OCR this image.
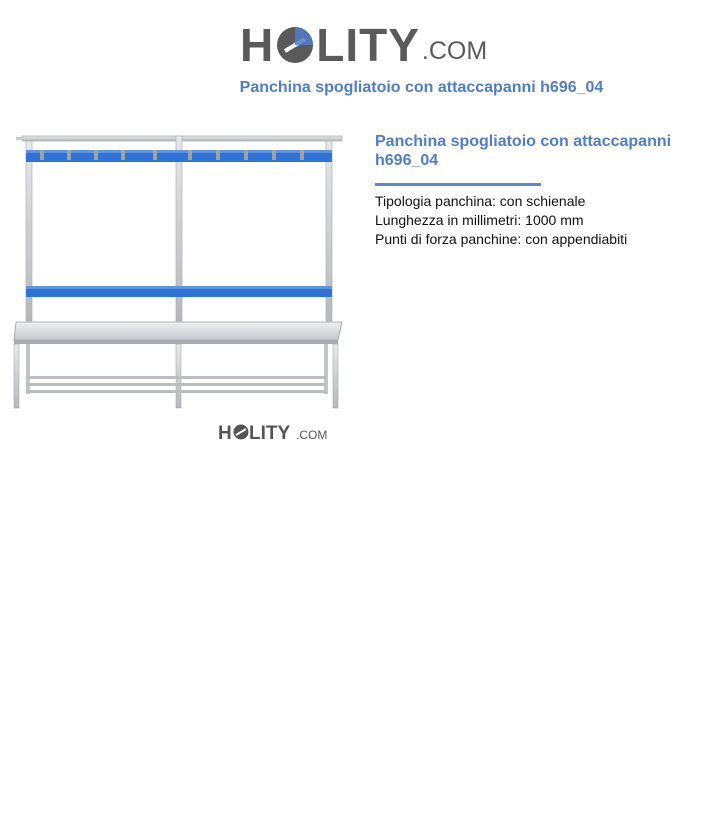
H LITY .COM
Panchina spogliatoio con attaccapanni h696_04
H LITY .COM
Panchina spogliatoio con attaccapanni h696_04
Tipologia panchina: con schienale
Lunghezza in millimetri: 1000 mm
Punti di forza panchine: con appendiabiti
